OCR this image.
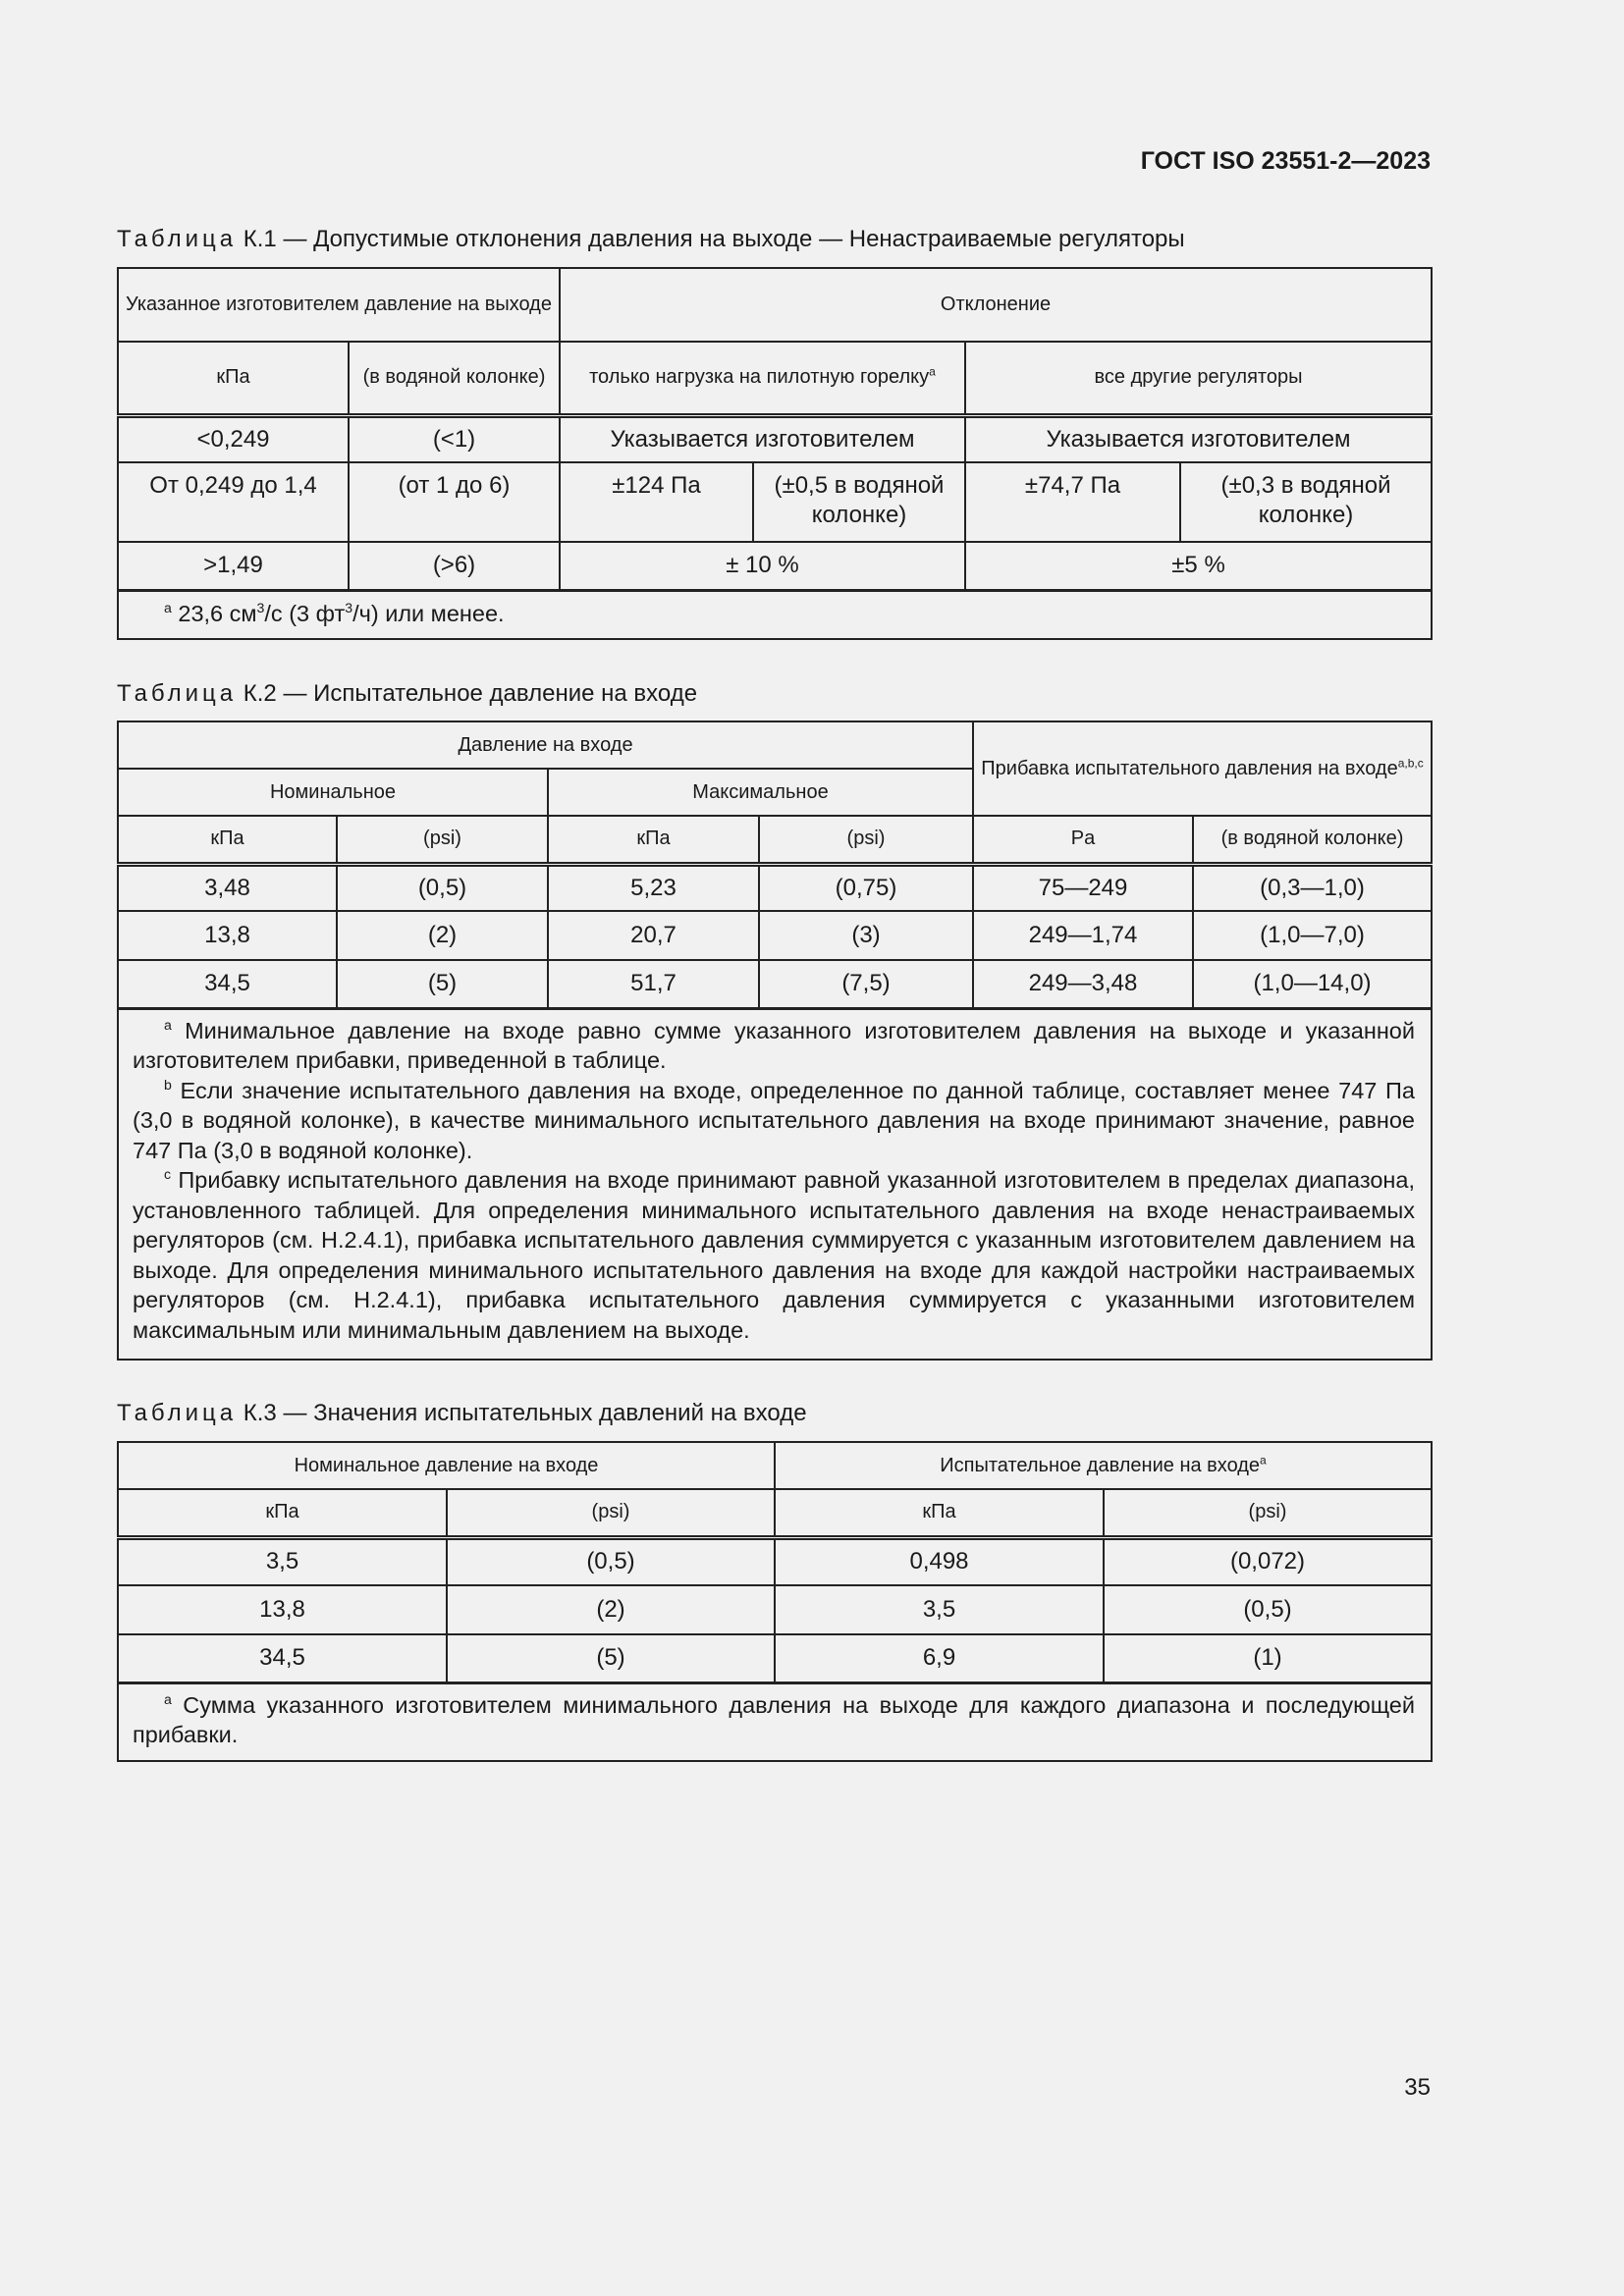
ГОСТ ISO 23551-2—2023
Таблица К.1 — Допустимые отклонения давления на выходе — Ненастраиваемые регуляторы
Указанное изготовителем давление на выходе		Отклонение			
кПа	(в водяной колонке)	только нагрузка на пилотную горелку$^a$		все другие регуляторы	
<0,249	(<1)	Указывается изготовителем		Указывается изготовителем	
От 0,249 до 1,4	(от 1 до 6)	±124 Па	(±0,5 в водяной колонке)	±74,7 Па	(±0,3 в водяной колонке)
>1,49	(>6)	± 10 %		±5 %	
$^a$ 23,6 $см^3/с$ (3 $фт^3/ч$) или менее.					
Таблица К.2 — Испытательное давление на входе
Давление на входе				Прибавка испытательного давления на входе$^{a,b,c}$
Номинальное		Максимальное			
кПа	(psi)	кПа	(psi)	Pa	(в водяной колонке)
3,48	(0,5)	5,23	(0,75)	75—249	(0,3—1,0)
13,8	(2)	20,7	(3)	249—1,74	(1,0—7,0)
34,5	(5)	51,7	(7,5)	249—3,48	(1,0—14,0)

$^a$ Минимальное давление на входе равно сумме указанного изготовителем давления на выходе и указанной изготовителем прибавки, приведенной в таблице.

$^b$ Если значение испытательного давления на входе, определенное по данной таблице, составляет менее 747 Па (3,0 в водяной колонке), в качестве минимального испытательного давления на входе принимают значение, равное 747 Па (3,0 в водяной колонке).

$^c$ Прибавку испытательного давления на входе принимают равной указанной изготовителем в пределах диапазона, установленного таблицей. Для определения минимального испытательного давления на входе ненастраиваемых регуляторов (см. Н.2.4.1), прибавка испытательного давления суммируется с указанным изготовителем давлением на выходе. Для определения минимального испытательного давления на входе для каждой настройки настраиваемых регуляторов (см. Н.2.4.1), прибавка испытательного давления суммируется с указанными изготовителем максимальным или минимальным давлением на выходе.					

Таблица К.3 — Значения испытательных давлений на входе
Номинальное давление на входе		Испытательное давление на входе$^a$
кПа	(psi)	кПа	(psi)
3,5	(0,5)	0,498	(0,072)
13,8	(2)	3,5	(0,5)
34,5	(5)	6,9	(1)

$^a$ Сумма указанного изготовителем минимального давления на выходе для каждого диапазона и последующей прибавки.			

35
